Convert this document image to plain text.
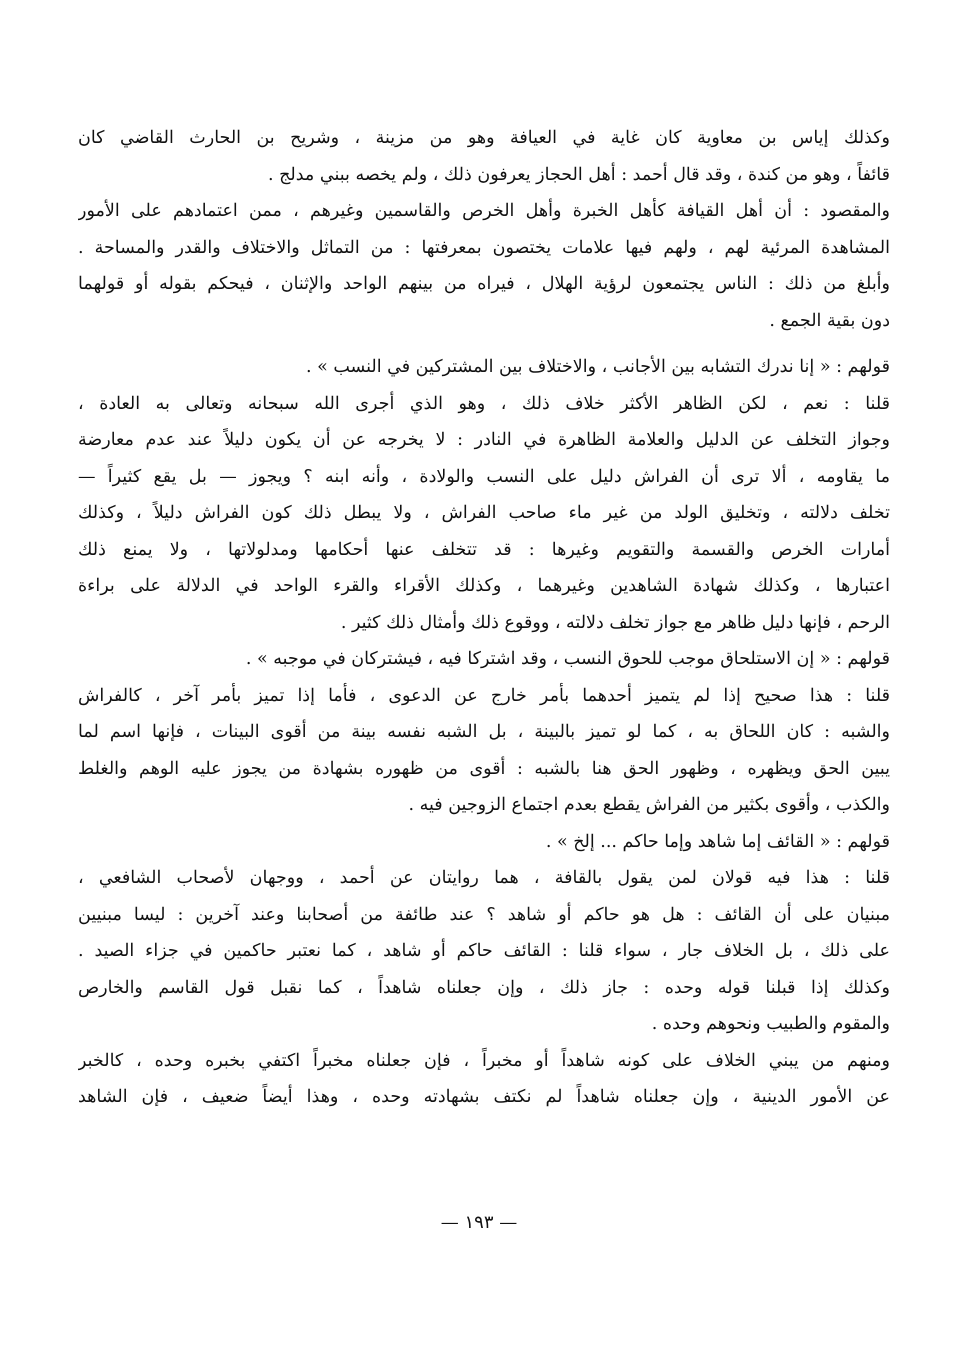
وكذلك إياس بن معاوية كان غاية في العيافة وهو من مزينة ، وشريح بن الحارث القاضي كان
قائفاً ، وهو من كندة ، وقد قال أحمد : أهل الحجاز يعرفون ذلك ، ولم يخصه ببني مدلج .
والمقصود : أن أهل القيافة كأهل الخبرة وأهل الخرص والقاسمين وغيرهم ، ممن اعتمادهم على الأمور
المشاهدة المرئية لهم ، ولهم فيها علامات يختصون بمعرفتها : من التماثل والاختلاف والقدر والمساحة .
وأبلغ من ذلك : الناس يجتمعون لرؤية الهلال ، فيراه من بينهم الواحد والإثنان ، فيحكم بقوله أو قولهما
دون بقية الجمع .
قولهم : « إنا ندرك التشابه بين الأجانب ، والاختلاف بين المشتركين في النسب » .
قلنا : نعم ، لكن الظاهر الأكثر خلاف ذلك ، وهو الذي أجرى الله سبحانه وتعالى به العادة ،
وجواز التخلف عن الدليل والعلامة الظاهرة في النادر : لا يخرجه عن أن يكون دليلاً عند عدم معارضة
ما يقاومه ، ألا ترى أن الفراش دليل على النسب والولادة ، وأنه ابنه ؟ ويجوز — بل يقع كثيراً —
تخلف دلالته ، وتخليق الولد من غير ماء صاحب الفراش ، ولا يبطل ذلك كون الفراش دليلاً ، وكذلك
أمارات الخرص والقسمة والتقويم وغيرها : قد تتخلف عنها أحكامها ومدلولاتها ، ولا يمنع ذلك
اعتبارها ، وكذلك شهادة الشاهدين وغيرهما ، وكذلك الأقراء والقرء الواحد في الدلالة على براءة
الرحم ، فإنها دليل ظاهر مع جواز تخلف دلالته ، ووقوع ذلك وأمثال ذلك كثير .
قولهم : « إن الاستلحاق موجب للحوق النسب ، وقد اشتركا فيه ، فيشتركان في موجبه » .
قلنا : هذا صحيح إذا لم يتميز أحدهما بأمر خارج عن الدعوى ، فأما إذا تميز بأمر آخر ، كالفراش
والشبه : كان اللحاق به ، كما لو تميز بالبينة ، بل الشبه نفسه بينة من أقوى البينات ، فإنها اسم لما
يبين الحق ويظهره ، وظهور الحق هنا بالشبه : أقوى من ظهوره بشهادة من يجوز عليه الوهم والغلط
والكذب ، وأقوى بكثير من الفراش يقطع بعدم اجتماع الزوجين فيه .
قولهم : « القائف إما شاهد وإما حاكم ... إلخ » .
قلنا : هذا فيه قولان لمن يقول بالقافة ، هما روايتان عن أحمد ، ووجهان لأصحاب الشافعي ،
مبنيان على أن القائف : هل هو حاكم أو شاهد ؟ عند طائفة من أصحابنا وعند آخرين : ليسا مبنيين
على ذلك ، بل الخلاف جار ، سواء قلنا : القائف حاكم أو شاهد ، كما نعتبر حاكمين في جزاء الصيد .
وكذلك إذا قبلنا قوله وحده : جاز ذلك ، وإن جعلناه شاهداً ، كما نقبل قول القاسم والخارص
والمقوم والطبيب ونحوهم وحده .
ومنهم من يبني الخلاف على كونه شاهداً أو مخبراً ، فإن جعلناه مخبراً اكتفي بخبره وحده ، كالخبر
عن الأمور الدينية ، وإن جعلناه شاهداً لم نكتف بشهادته وحده ، وهذا أيضاً ضعيف ، فإن الشاهد
— ١٩٣ —
